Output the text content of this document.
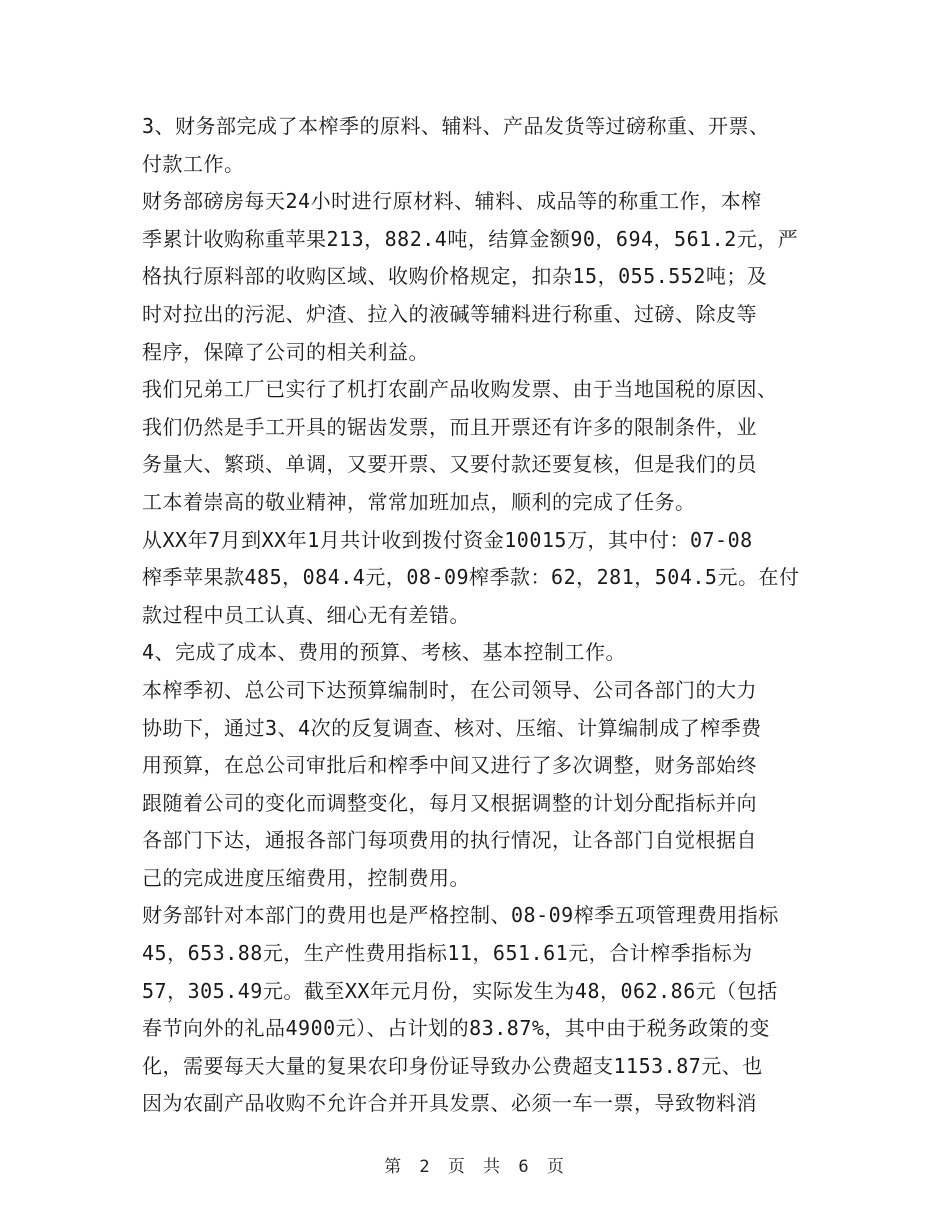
3、财务部完成了本榨季的原料、辅料、产品发货等过磅称重、开票、
付款工作。
财务部磅房每天24小时进行原材料、辅料、成品等的称重工作，本榨
季累计收购称重苹果213，882.4吨，结算金额90，694，561.2元，严
格执行原料部的收购区域、收购价格规定，扣杂15，055.552吨；及
时对拉出的污泥、炉渣、拉入的液碱等辅料进行称重、过磅、除皮等
程序，保障了公司的相关利益。
我们兄弟工厂已实行了机打农副产品收购发票、由于当地国税的原因、
我们仍然是手工开具的锯齿发票，而且开票还有许多的限制条件，业
务量大、繁琐、单调，又要开票、又要付款还要复核，但是我们的员
工本着崇高的敬业精神，常常加班加点，顺利的完成了任务。
从XX年7月到XX年1月共计收到拨付资金10015万，其中付：07-08
榨季苹果款485，084.4元，08-09榨季款：62，281，504.5元。在付
款过程中员工认真、细心无有差错。
4、完成了成本、费用的预算、考核、基本控制工作。
本榨季初、总公司下达预算编制时，在公司领导、公司各部门的大力
协助下，通过3、4次的反复调查、核对、压缩、计算编制成了榨季费
用预算，在总公司审批后和榨季中间又进行了多次调整，财务部始终
跟随着公司的变化而调整变化，每月又根据调整的计划分配指标并向
各部门下达，通报各部门每项费用的执行情况，让各部门自觉根据自
己的完成进度压缩费用，控制费用。
财务部针对本部门的费用也是严格控制、08-09榨季五项管理费用指标
45，653.88元，生产性费用指标11，651.61元，合计榨季指标为
57，305.49元。截至XX年元月份，实际发生为48，062.86元（包括
春节向外的礼品4900元）、占计划的83.87%，其中由于税务政策的变
化，需要每天大量的复果农印身份证导致办公费超支1153.87元、也
因为农副产品收购不允许合并开具发票、必须一车一票，导致物料消
第 2 页 共 6 页
